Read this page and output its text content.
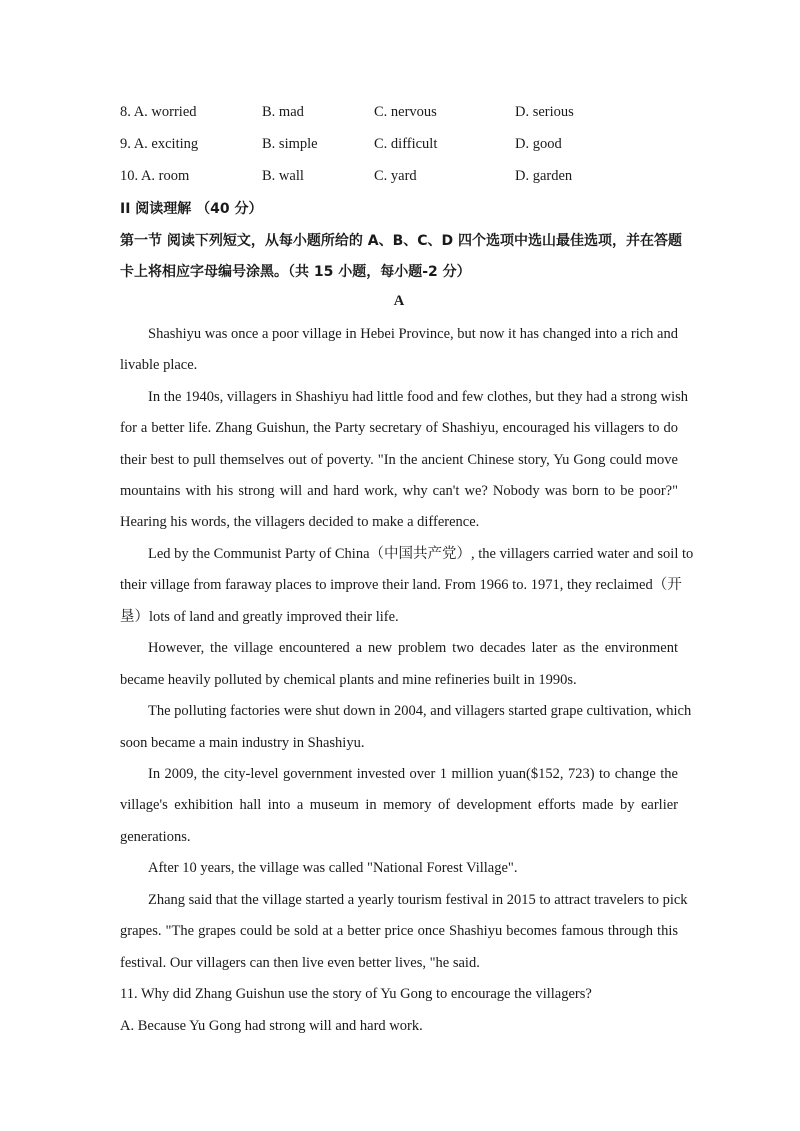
8. A. worried	B. mad	C. nervous	D. serious
9. A. exciting	B. simple	C. difficult	D. good
10. A. room	B. wall	C. yard	D. garden
II 阅读理解 （40 分）
第一节 阅读下列短文，从每小题所给的 A、B、C、D 四个选项中选山最佳选项，并在答题
卡上将相应字母编号涂黑。（共 15 小题，每小题-2 分）
A
Shashiyu was once a poor village in Hebei Province, but now it has changed into a rich and
livable place.
In the 1940s, villagers in Shashiyu had little food and few clothes, but they had a strong wish
for a better life. Zhang Guishun, the Party secretary of Shashiyu, encouraged his villagers to do
their best to pull themselves out of poverty. "In the ancient Chinese story, Yu Gong could move
mountains with his strong will and hard work, why can't we? Nobody was born to be poor?"
Hearing his words, the villagers decided to make a difference.
Led by the Communist Party of China（中国共产党）, the villagers carried water and soil to
their village from faraway places to improve their land. From 1966 to. 1971, they reclaimed（开
垦）lots of land and greatly improved their life.
However, the village encountered a new problem two decades later as the environment
became heavily polluted by chemical plants and mine refineries built in 1990s.
The polluting factories were shut down in 2004, and villagers started grape cultivation, which
soon became a main industry in Shashiyu.
In 2009, the city-level government invested over 1 million yuan($152, 723) to change the
village's exhibition hall into a museum in memory of development efforts made by earlier
generations.
After 10 years, the village was called "National Forest Village".
Zhang said that the village started a yearly tourism festival in 2015 to attract travelers to pick
grapes. "The grapes could be sold at a better price once Shashiyu becomes famous through this
festival. Our villagers can then live even better lives, "he said.
11. Why did Zhang Guishun use the story of Yu Gong to encourage the villagers?
A. Because Yu Gong had strong will and hard work.
